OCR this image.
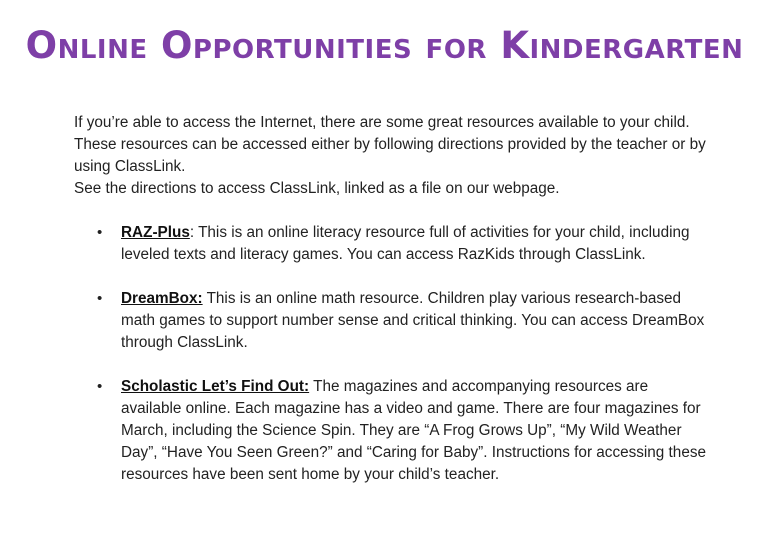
Online Opportunities for Kindergarten

If you’re able to access the Internet, there are some great resources available to your child.  These resources can be accessed either by following directions provided by the teacher or by using ClassLink.

See the directions to access ClassLink, linked as a file on our webpage.

• RAZ-Plus: This is an online literacy resource full of activities for your child, including leveled texts and literacy games. You can access RazKids through ClassLink.
• DreamBox: This is an online math resource. Children play various research-based math games to support number sense and critical thinking. You can access DreamBox through ClassLink.
• Scholastic Let’s Find Out: The magazines and accompanying resources are available online. Each magazine has a video and game. There are four magazines for March, including the Science Spin. They are “A Frog Grows Up”, “My Wild Weather Day”, “Have You Seen Green?” and “Caring for Baby”. Instructions for accessing these resources have been sent home by your child’s teacher.
